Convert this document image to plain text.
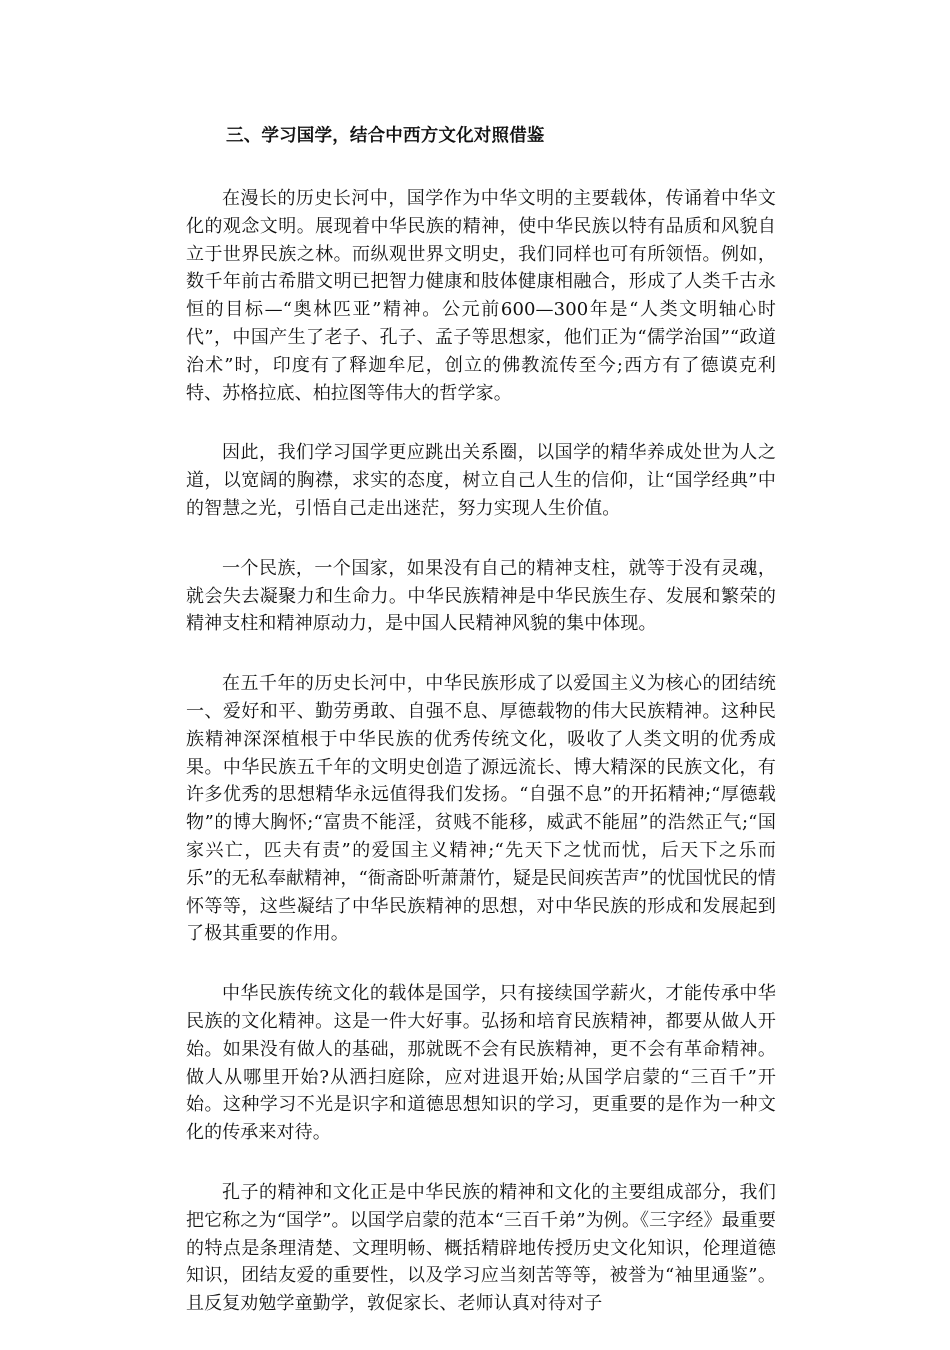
三、学习国学，结合中西方文化对照借鉴

在漫长的历史长河中，国学作为中华文明的主要载体，传诵着中华文化的观念文明。展现着中华民族的精神，使中华民族以特有品质和风貌自立于世界民族之林。而纵观世界文明史，我们同样也可有所领悟。例如，数千年前古希腊文明已把智力健康和肢体健康相融合，形成了人类千古永恒的目标—“奥林匹亚”精神。公元前600—300年是“人类文明轴心时代”，中国产生了老子、孔子、孟子等思想家，他们正为“儒学治国”“政道治术”时，印度有了释迦牟尼，创立的佛教流传至今;西方有了德谟克利特、苏格拉底、柏拉图等伟大的哲学家。

因此，我们学习国学更应跳出关系圈，以国学的精华养成处世为人之道，以宽阔的胸襟，求实的态度，树立自己人生的信仰，让“国学经典”中的智慧之光，引悟自己走出迷茫，努力实现人生价值。

一个民族，一个国家，如果没有自己的精神支柱，就等于没有灵魂，就会失去凝聚力和生命力。中华民族精神是中华民族生存、发展和繁荣的精神支柱和精神原动力，是中国人民精神风貌的集中体现。

在五千年的历史长河中，中华民族形成了以爱国主义为核心的团结统一、爱好和平、勤劳勇敢、自强不息、厚德载物的伟大民族精神。这种民族精神深深植根于中华民族的优秀传统文化，吸收了人类文明的优秀成果。中华民族五千年的文明史创造了源远流长、博大精深的民族文化，有许多优秀的思想精华永远值得我们发扬。“自强不息”的开拓精神;“厚德载物”的博大胸怀;“富贵不能淫，贫贱不能移，威武不能屈”的浩然正气;“国家兴亡，匹夫有责”的爱国主义精神;“先天下之忧而忧，后天下之乐而乐”的无私奉献精神，“衙斋卧听萧萧竹，疑是民间疾苦声”的忧国忧民的情怀等等，这些凝结了中华民族精神的思想，对中华民族的形成和发展起到了极其重要的作用。

中华民族传统文化的载体是国学，只有接续国学薪火，才能传承中华民族的文化精神。这是一件大好事。弘扬和培育民族精神，都要从做人开始。如果没有做人的基础，那就既不会有民族精神，更不会有革命精神。做人从哪里开始?从洒扫庭除，应对进退开始;从国学启蒙的“三百千”开始。这种学习不光是识字和道德思想知识的学习，更重要的是作为一种文化的传承来对待。

孔子的精神和文化正是中华民族的精神和文化的主要组成部分，我们把它称之为“国学”。以国学启蒙的范本“三百千弟”为例。《三字经》最重要的特点是条理清楚、文理明畅、概括精辟地传授历史文化知识，伦理道德知识，团结友爱的重要性，以及学习应当刻苦等等，被誉为“袖里通鉴”。且反复劝勉学童勤学，敦促家长、老师认真对待对子
